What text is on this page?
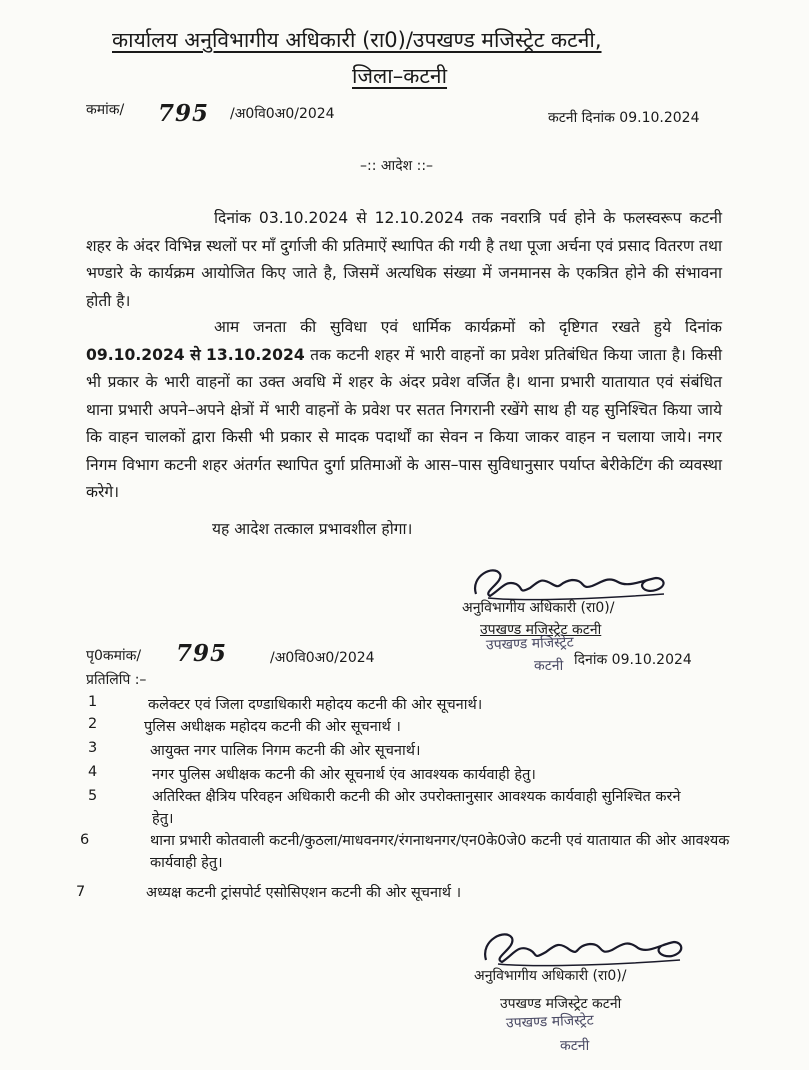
कार्यालय अनुविभागीय अधिकारी (रा0)/उपखण्ड मजिस्ट्रेट कटनी,
जिला–कटनी
कमांक/ 795 /अ0वि0अ0/2024	कटनी दिनांक 09.10.2024
–:: आदेश ::–
दिनांक 03.10.2024 से 12.10.2024 तक नवरात्रि पर्व होने के फलस्वरूप कटनी शहर के अंदर विभिन्न स्थलों पर माँ दुर्गाजी की प्रतिमाऐं स्थापित की गयी है तथा पूजा अर्चना एवं प्रसाद वितरण तथा भण्डारे के कार्यक्रम आयोजित किए जाते है, जिसमें अत्यधिक संख्या में जनमानस के एकत्रित होने की संभावना होती है।
आम जनता की सुविधा एवं धार्मिक कार्यक्रमों को दृष्टिगत रखते हुये दिनांक 09.10.2024 से 13.10.2024 तक कटनी शहर में भारी वाहनों का प्रवेश प्रतिबंधित किया जाता है। किसी भी प्रकार के भारी वाहनों का उक्त अवधि में शहर के अंदर प्रवेश वर्जित है। थाना प्रभारी यातायात एवं संबंधित थाना प्रभारी अपने–अपने क्षेत्रों में भारी वाहनों के प्रवेश पर सतत निगरानी रखेंगे साथ ही यह सुनिश्चित किया जाये कि वाहन चालकों द्वारा किसी भी प्रकार से मादक पदार्थों का सेवन न किया जाकर वाहन न चलाया जाये। नगर निगम विभाग कटनी शहर अंतर्गत स्थापित दुर्गा प्रतिमाओं के आस–पास सुविधानुसार पर्याप्त बेरीकेटिंग की व्यवस्था करेगे।
यह आदेश तत्काल प्रभावशील होगा।
अनुविभागीय अधिकारी (रा0)/
उपखण्ड मजिस्ट्रेट कटनी
उपखण्ड मजिस्ट्रेट
कटनी दिनांक 09.10.2024
पृ0कमांक/ 795	/अ0वि0अ0/2024
प्रतिलिपि :–
1	कलेक्टर एवं जिला दण्डाधिकारी महोदय कटनी की ओर सूचनार्थ।
2	पुलिस अधीक्षक महोदय कटनी की ओर सूचनार्थ ।
3	आयुक्त नगर पालिक निगम कटनी की ओर सूचनार्थ।
4	नगर पुलिस अधीक्षक कटनी की ओर सूचनार्थ एंव आवश्यक कार्यवाही हेतु।
5	अतिरिक्त क्षैत्रिय परिवहन अधिकारी कटनी की ओर उपरोक्तानुसार आवश्यक कार्यवाही सुनिश्चित करने हेतु।
6	थाना प्रभारी कोतवाली कटनी/कुठला/माधवनगर/रंगनाथनगर/एन0के0जे0 कटनी एवं यातायात की ओर आवश्यक कार्यवाही हेतु।
7	अध्यक्ष कटनी ट्रांसपोर्ट एसोसिएशन कटनी की ओर सूचनार्थ ।
अनुविभागीय अधिकारी (रा0)/
उपखण्ड मजिस्ट्रेट कटनी
उपखण्ड मजिस्ट्रेट
कटनी
